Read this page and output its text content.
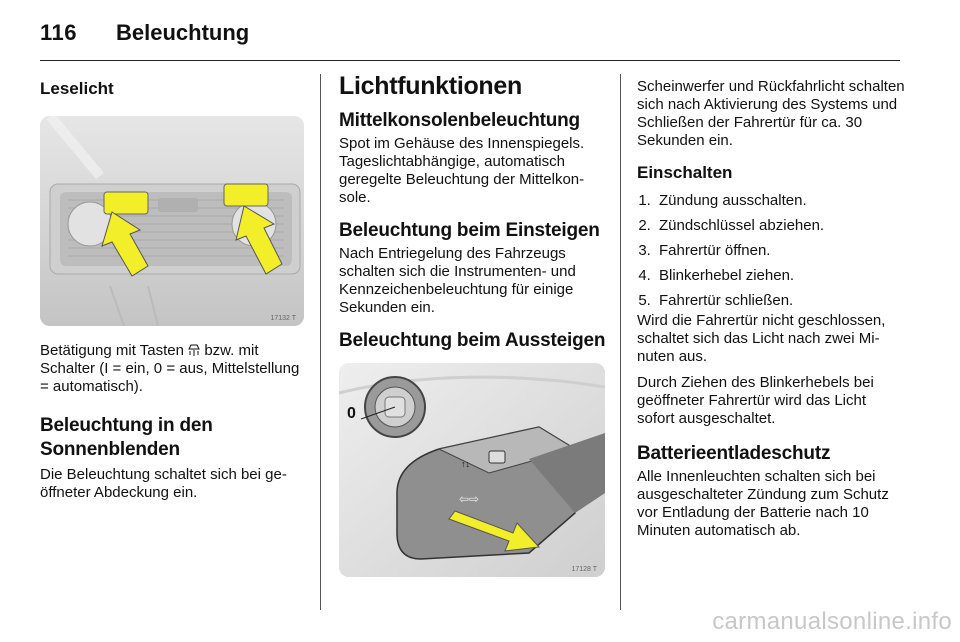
116 Beleuchtung
Leselicht
17132 T

Betätigung mit Tasten  bzw. mit Schalter (I = ein, 0 = aus, Mittelstellung = automatisch).

Beleuchtung in den Sonnenblenden

Die Beleuchtung schaltet sich bei geöffneter Abdeckung ein.

Lichtfunktionen
Mittelkonsolenbeleuchtung

Spot im Gehäuse des Innenspiegels. Tageslichtabhängige, automatisch geregelte Beleuchtung der Mittelkonsole.

Beleuchtung beim Einsteigen

Nach Entriegelung des Fahrzeugs schalten sich die Instrumenten- und Kennzeichenbeleuchtung für einige Sekunden ein.

Beleuchtung beim Aussteigen
↑↓
⇦⇨
0
17128 T

Scheinwerfer und Rückfahrlicht schalten sich nach Aktivierung des Systems und Schließen der Fahrertür für ca. 30 Sekunden ein.

Einschalten
1. Zündung ausschalten.
2. Zündschlüssel abziehen.
3. Fahrertür öffnen.
4. Blinkerhebel ziehen.
5. Fahrertür schließen.

Wird die Fahrertür nicht geschlossen, schaltet sich das Licht nach zwei Minuten aus.

Durch Ziehen des Blinkerhebels bei geöffneter Fahrertür wird das Licht sofort ausgeschaltet.

Batterieentladeschutz

Alle Innenleuchten schalten sich bei ausgeschalteter Zündung zum Schutz vor Entladung der Batterie nach 10 Minuten automatisch ab.

carmanualsonline.info
